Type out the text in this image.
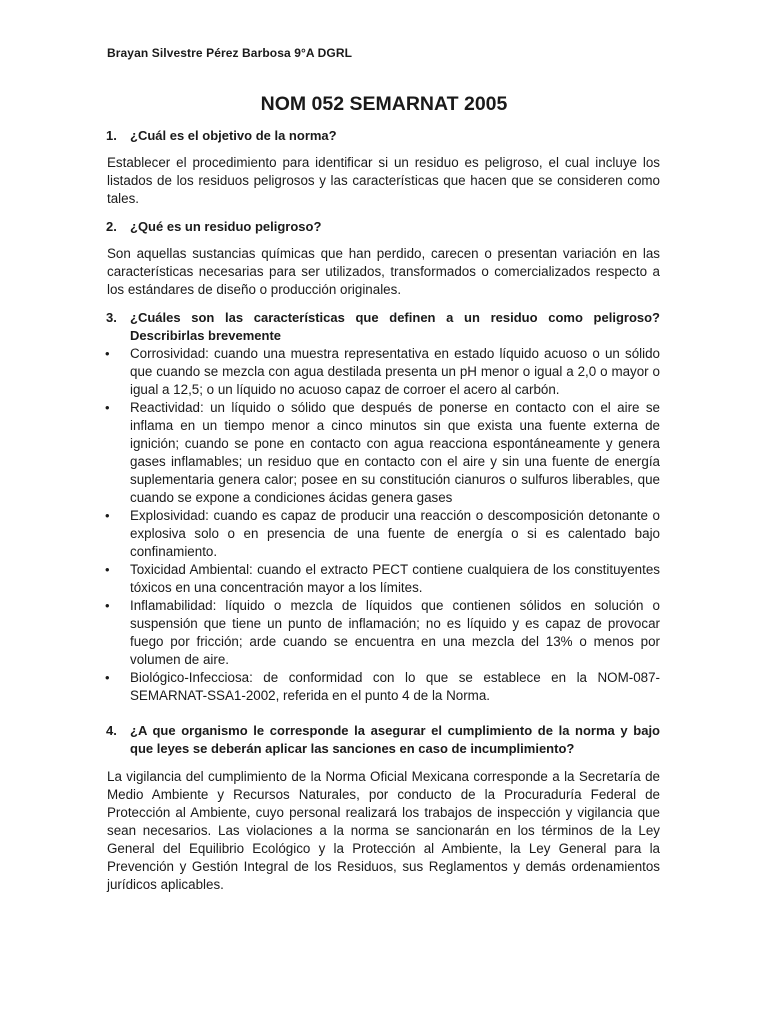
Brayan Silvestre Pérez Barbosa 9°A DGRL
NOM 052 SEMARNAT 2005
1. ¿Cuál es el objetivo de la norma?

Establecer el procedimiento para identificar si un residuo es peligroso, el cual incluye los listados de los residuos peligrosos y las características que hacen que se consideren como tales.

2. ¿Qué es un residuo peligroso?

Son aquellas sustancias químicas que han perdido, carecen o presentan variación en las características necesarias para ser utilizados, transformados o comercializados respecto a los estándares de diseño o producción originales.

3. ¿Cuáles son las características que definen a un residuo como peligroso? Describirlas brevemente

• Corrosividad: cuando una muestra representativa en estado líquido acuoso o un sólido que cuando se mezcla con agua destilada presenta un pH menor o igual a 2,0 o mayor o igual a 12,5; o un líquido no acuoso capaz de corroer el acero al carbón.

• Reactividad: un líquido o sólido que después de ponerse en contacto con el aire se inflama en un tiempo menor a cinco minutos sin que exista una fuente externa de ignición; cuando se pone en contacto con agua reacciona espontáneamente y genera gases inflamables; un residuo que en contacto con el aire y sin una fuente de energía suplementaria genera calor; posee en su constitución cianuros o sulfuros liberables, que cuando se expone a condiciones ácidas genera gases

• Explosividad: cuando es capaz de producir una reacción o descomposición detonante o explosiva solo o en presencia de una fuente de energía o si es calentado bajo confinamiento.

• Toxicidad Ambiental: cuando el extracto PECT contiene cualquiera de los constituyentes tóxicos en una concentración mayor a los límites.

• Inflamabilidad: líquido o mezcla de líquidos que contienen sólidos en solución o suspensión que tiene un punto de inflamación; no es líquido y es capaz de provocar fuego por fricción; arde cuando se encuentra en una mezcla del 13% o menos por volumen de aire.

• Biológico-Infecciosa: de conformidad con lo que se establece en la NOM-087-SEMARNAT-SSA1-2002, referida en el punto 4 de la Norma.

4. ¿A que organismo le corresponde la asegurar el cumplimiento de la norma y bajo que leyes se deberán aplicar las sanciones en caso de incumplimiento?

La vigilancia del cumplimiento de la Norma Oficial Mexicana corresponde a la Secretaría de Medio Ambiente y Recursos Naturales, por conducto de la Procuraduría Federal de Protección al Ambiente, cuyo personal realizará los trabajos de inspección y vigilancia que sean necesarios. Las violaciones a la norma se sancionarán en los términos de la Ley General del Equilibrio Ecológico y la Protección al Ambiente, la Ley General para la Prevención y Gestión Integral de los Residuos, sus Reglamentos y demás ordenamientos jurídicos aplicables.
